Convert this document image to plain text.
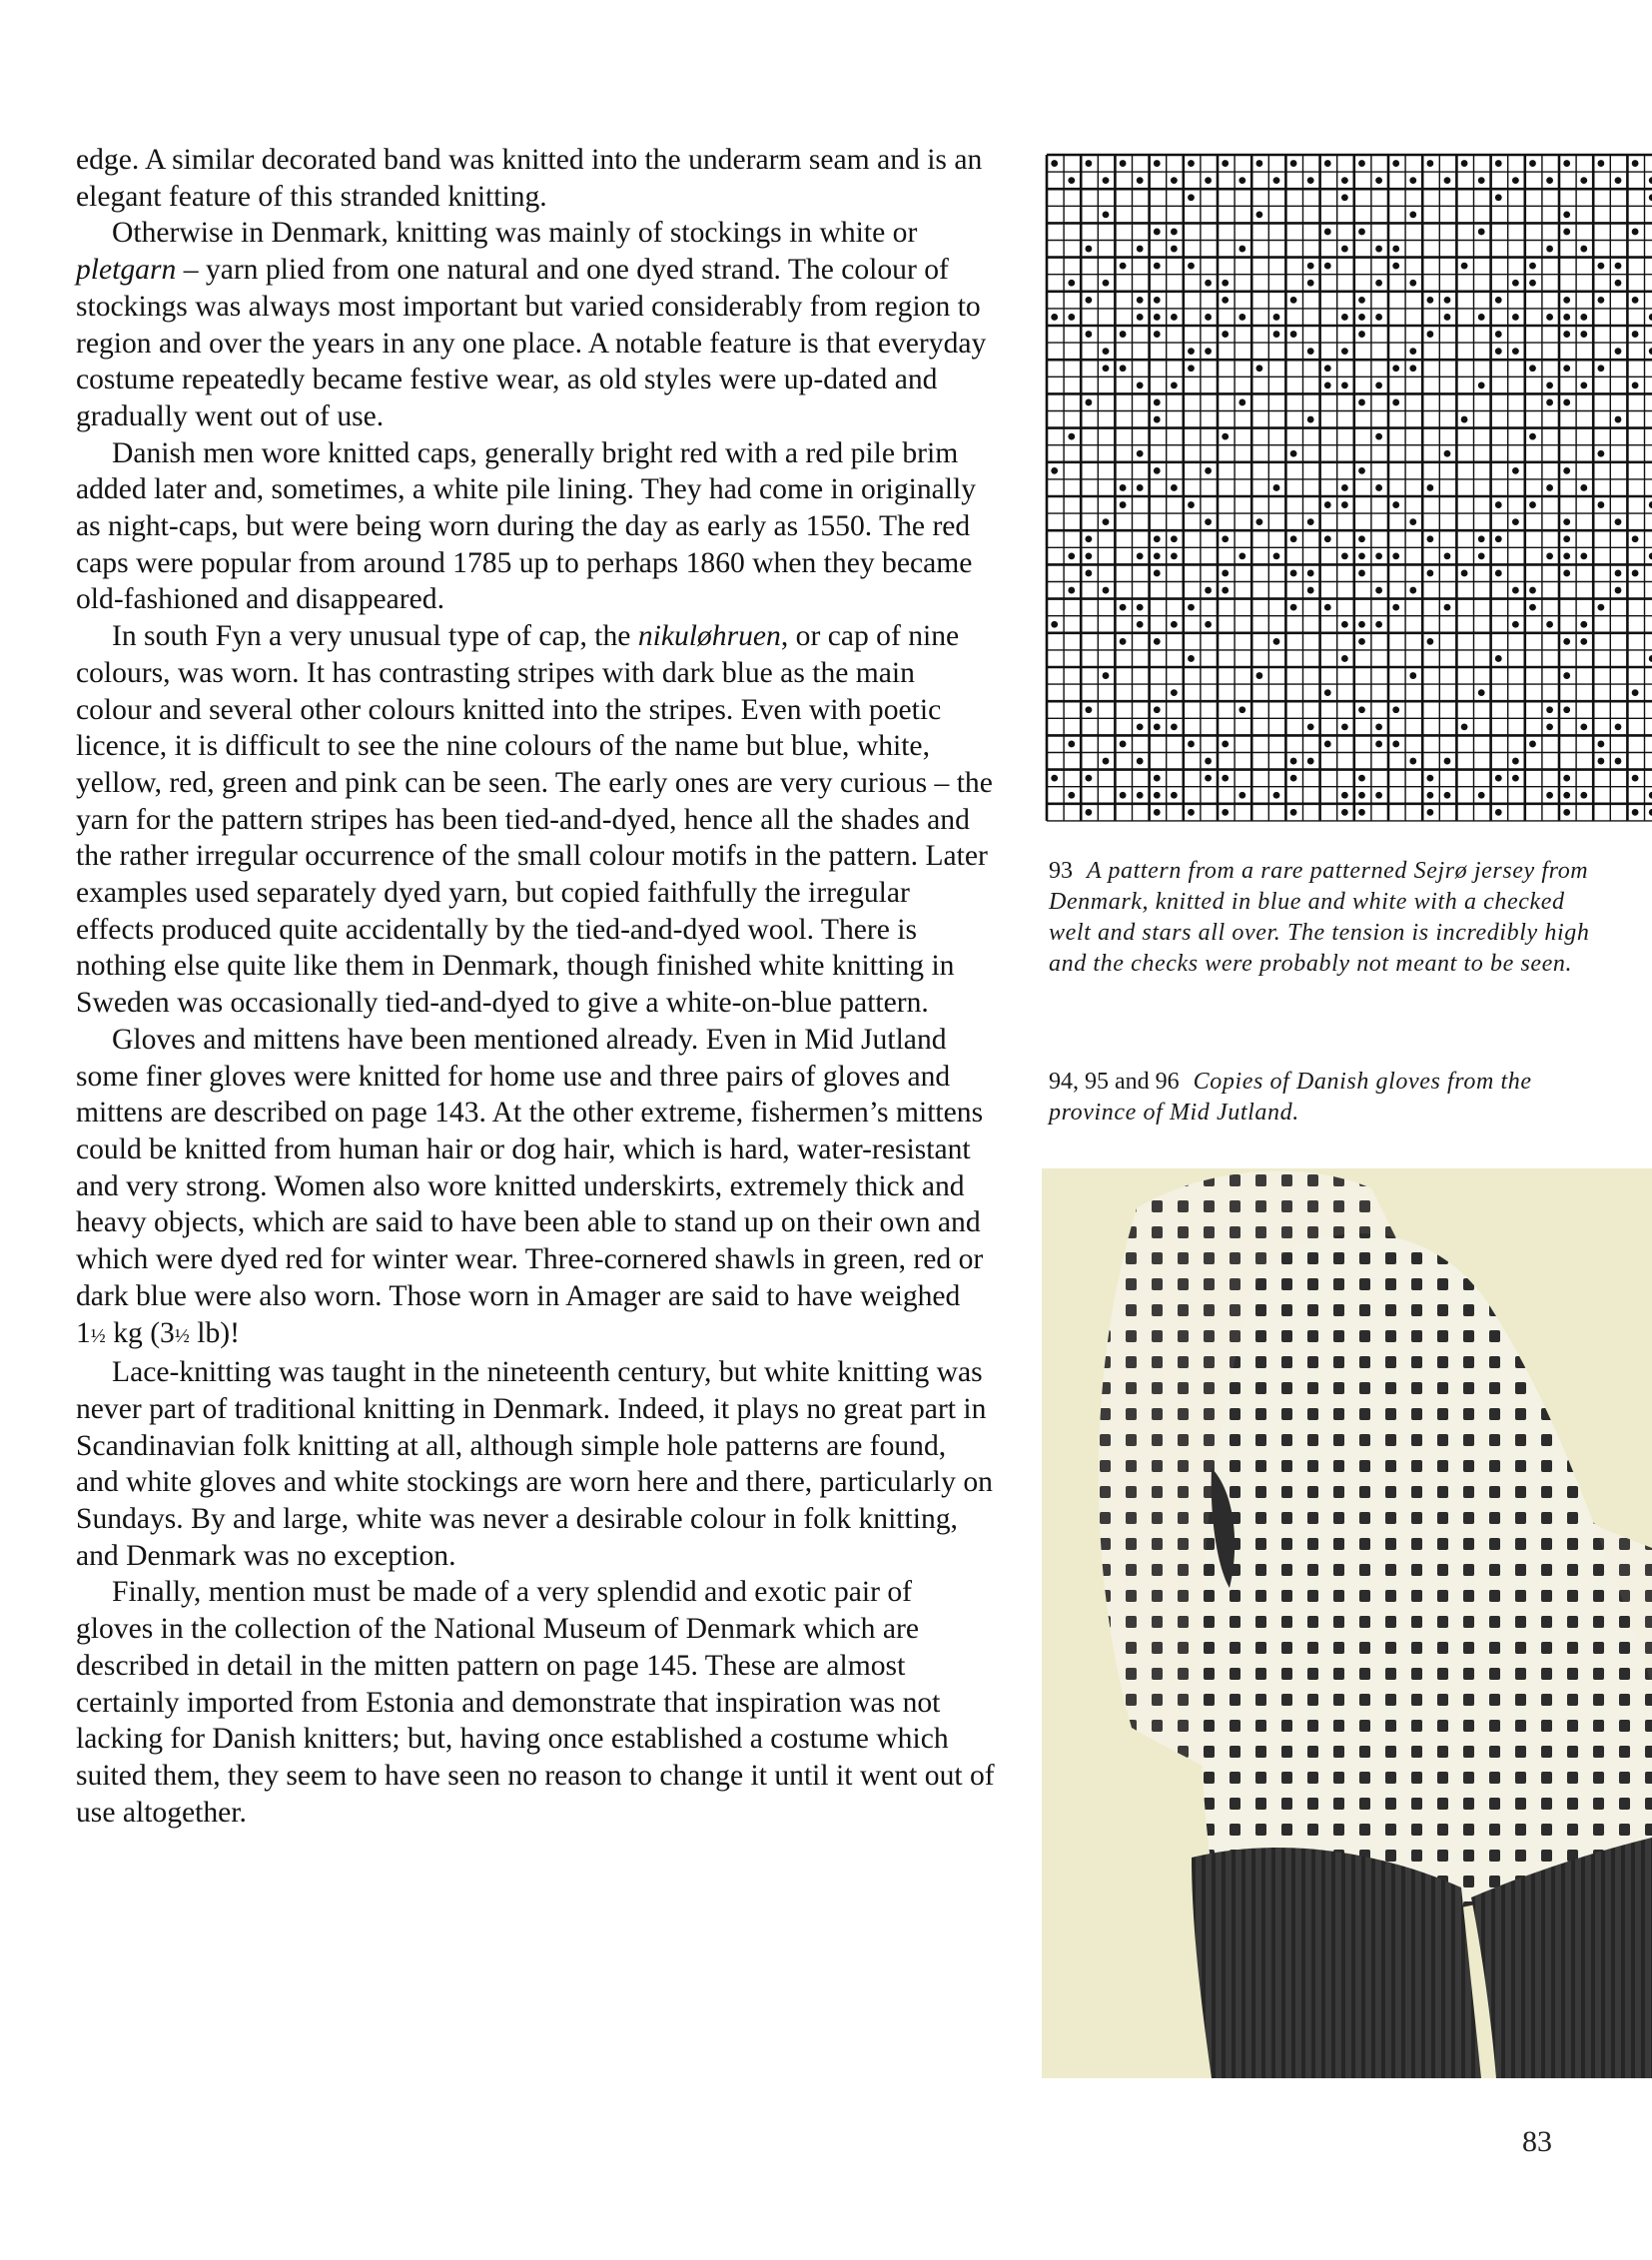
edge. A similar decorated band was knitted into the underarm seam and is an elegant feature of this stranded knitting.

Otherwise in Denmark, knitting was mainly of stockings in white or pletgarn – yarn plied from one natural and one dyed strand. The colour of stockings was always most important but varied considerably from region to region and over the years in any one place. A notable feature is that everyday costume repeatedly became festive wear, as old styles were up-dated and gradually went out of use.

Danish men wore knitted caps, generally bright red with a red pile brim added later and, sometimes, a white pile lining. They had come in originally as night-caps, but were being worn during the day as early as 1550. The red caps were popular from around 1785 up to perhaps 1860 when they became old-fashioned and disappeared.

In south Fyn a very unusual type of cap, the nikuløhruen, or cap of nine colours, was worn. It has contrasting stripes with dark blue as the main colour and several other colours knitted into the stripes. Even with poetic licence, it is difficult to see the nine colours of the name but blue, white, yellow, red, green and pink can be seen. The early ones are very curious – the yarn for the pattern stripes has been tied-and-dyed, hence all the shades and the rather irregular occurrence of the small colour motifs in the pattern. Later examples used separately dyed yarn, but copied faithfully the irregular effects produced quite accidentally by the tied-and-dyed wool. There is nothing else quite like them in Denmark, though finished white knitting in Sweden was occasionally tied-and-dyed to give a white-on-blue pattern.

Gloves and mittens have been mentioned already. Even in Mid Jutland some finer gloves were knitted for home use and three pairs of gloves and mittens are described on page 143. At the other extreme, fishermen’s mittens could be knitted from human hair or dog hair, which is hard, water-resistant and very strong. Women also wore knitted underskirts, extremely thick and heavy objects, which are said to have been able to stand up on their own and which were dyed red for winter wear. Three-cornered shawls in green, red or dark blue were also worn. Those worn in Amager are said to have weighed 1½ kg (3½ lb)!

Lace-knitting was taught in the nineteenth century, but white knitting was never part of traditional knitting in Denmark. Indeed, it plays no great part in Scandinavian folk knitting at all, although simple hole patterns are found, and white gloves and white stockings are worn here and there, particularly on Sundays. By and large, white was never a desirable colour in folk knitting, and Denmark was no exception.

Finally, mention must be made of a very splendid and exotic pair of gloves in the collection of the National Museum of Denmark which are described in detail in the mitten pattern on page 145. These are almost certainly imported from Estonia and demonstrate that inspiration was not lacking for Danish knitters; but, having once established a costume which suited them, they seem to have seen no reason to change it until it went out of use altogether.

93 A pattern from a rare patterned Sejrø jersey from Denmark, knitted in blue and white with a checked welt and stars all over. The tension is incredibly high and the checks were probably not meant to be seen.
94, 95 and 96 Copies of Danish gloves from the province of Mid Jutland.
83
